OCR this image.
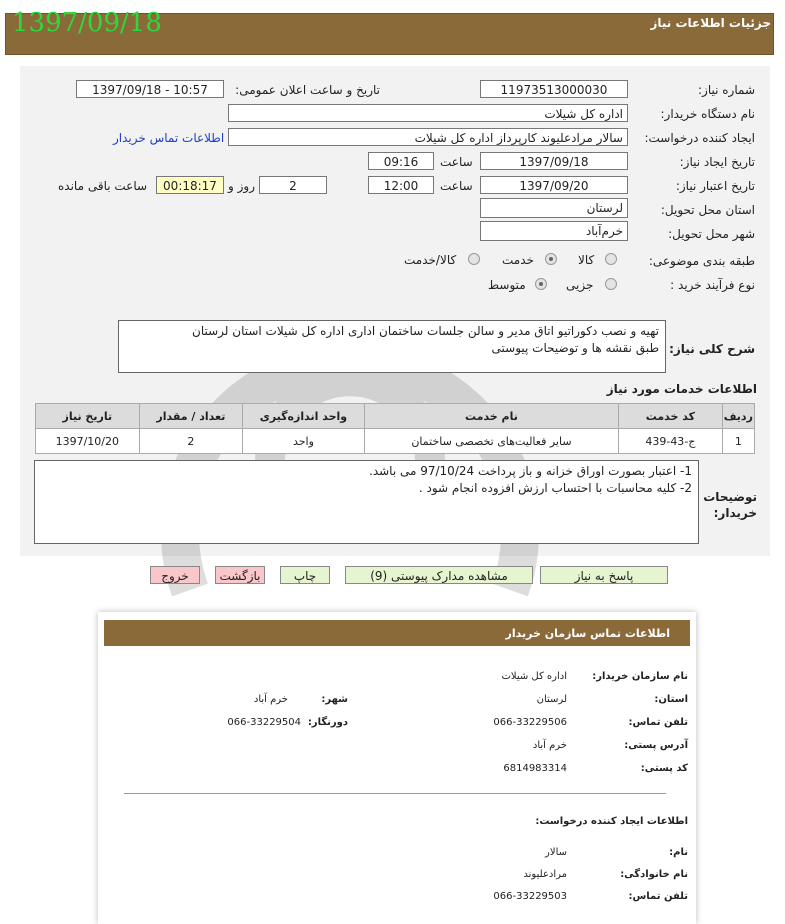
جزئیات اطلاعات نیاز
1397/09/18
شماره نیاز:
1197351300003‌0
تاریخ و ساعت اعلان عمومی:
1397/09/18 - 10:57
نام دستگاه خریدار:
اداره کل شیلات
ایجاد کننده درخواست:
سالار مرادعلیوند کارپرداز اداره کل شیلات
اطلاعات تماس خریدار
تاریخ ایجاد نیاز:
1397/09/18
ساعت
09:16
تاریخ اعتبار نیاز:
1397/09/20
ساعت
12:00
2
روز و
00:18:17
ساعت باقی مانده
استان محل تحویل:
لرستان
شهر محل تحویل:
خرم‌آباد
طبقه بندی موضوعی:
کالا
خدمت
کالا/خدمت
نوع فرآیند خرید :
جزیی
متوسط
شرح کلی نیاز:
تهیه و نصب دکوراتیو اتاق مدیر و سالن جلسات ساختمان اداری اداره کل شیلات استان لرستان
طبق نقشه ها و توضیحات پیوستی
اطلاعات خدمات مورد نیاز
ردیف	کد خدمت	نام خدمت	واحد اندازه‌گیری	تعداد / مقدار	تاریخ نیاز
1	ج-43-439	سایر فعالیت‌های تخصصی ساختمان	واحد	2	1397/10/20
توضیحات
خریدار:
1- اعتبار بصورت اوراق خزانه و باز پرداخت 97/10/24 می باشد.
2- کلیه محاسبات با احتساب ارزش افزوده انجام شود .
پاسخ به نیاز
مشاهده مدارک پیوستی (9)
چاپ
بازگشت
خروج
اطلاعات تماس سازمان خریدار
نام سازمان خریدار:
اداره کل شیلات
استان:
لرستان
شهر:
خرم آباد
تلفن تماس:
066-33229506
دورنگار:
066-33229504
آدرس پستی:
خرم آباد
کد پستی:
6814983314
اطلاعات ایجاد کننده درخواست:
نام:
سالار
نام خانوادگی:
مرادعلیوند
تلفن تماس:
066-33229503
